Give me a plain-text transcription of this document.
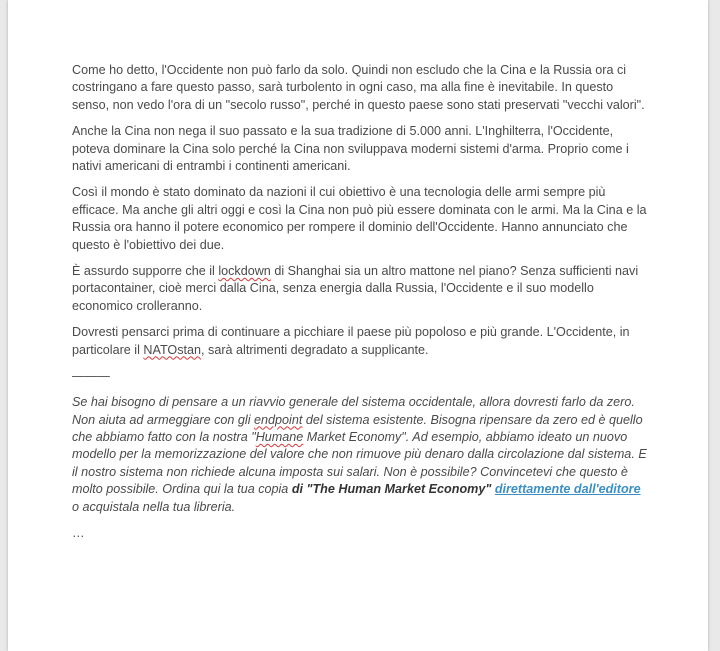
Come ho detto, l'Occidente non può farlo da solo. Quindi non escludo che la Cina e la Russia ora ci costringano a fare questo passo, sarà turbolento in ogni caso, ma alla fine è inevitabile. In questo senso, non vedo l'ora di un "secolo russo", perché in questo paese sono stati preservati "vecchi valori".

Anche la Cina non nega il suo passato e la sua tradizione di 5.000 anni. L'Inghilterra, l'Occidente, poteva dominare la Cina solo perché la Cina non sviluppava moderni sistemi d'arma. Proprio come i nativi americani di entrambi i continenti americani.

Così il mondo è stato dominato da nazioni il cui obiettivo è una tecnologia delle armi sempre più efficace. Ma anche gli altri oggi e così la Cina non può più essere dominata con le armi. Ma la Cina e la Russia ora hanno il potere economico per rompere il dominio dell'Occidente. Hanno annunciato che questo è l'obiettivo dei due.

È assurdo supporre che il lockdown di Shanghai sia un altro mattone nel piano? Senza sufficienti navi portacontainer, cioè merci dalla Cina, senza energia dalla Russia, l'Occidente e il suo modello economico crolleranno.

Dovresti pensarci prima di continuare a picchiare il paese più popoloso e più grande. L'Occidente, in particolare il NATOstan, sarà altrimenti degradato a supplicante.

———

Se hai bisogno di pensare a un riavvio generale del sistema occidentale, allora dovresti farlo da zero. Non aiuta ad armeggiare con gli endpoint del sistema esistente. Bisogna ripensare da zero ed è quello che abbiamo fatto con la nostra "Humane Market Economy". Ad esempio, abbiamo ideato un nuovo modello per la memorizzazione del valore che non rimuove più denaro dalla circolazione dal sistema. E il nostro sistema non richiede alcuna imposta sui salari. Non è possibile? Convincetevi che questo è molto possibile. Ordina qui la tua copia di "The Human Market Economy" direttamente dall'editore o acquistala nella tua libreria.

…
